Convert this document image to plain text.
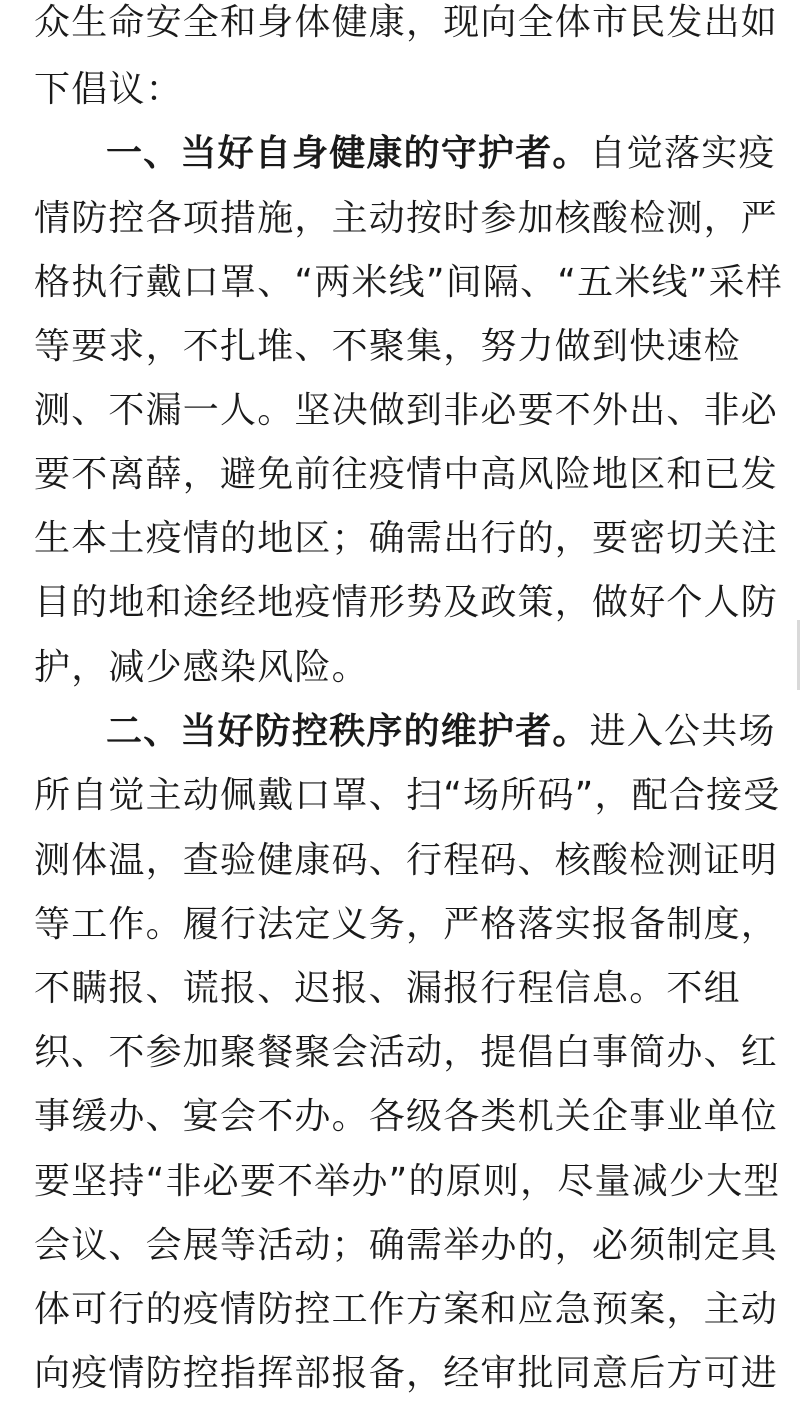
众生命安全和身体健康，现向全体市民发出如
下倡议：
一、当好自身健康的守护者。自觉落实疫
情防控各项措施，主动按时参加核酸检测，严
格执行戴口罩、“两米线”间隔、“五米线”采样
等要求，不扎堆、不聚集，努力做到快速检
测、不漏一人。坚决做到非必要不外出、非必
要不离薛，避免前往疫情中高风险地区和已发
生本土疫情的地区；确需出行的，要密切关注
目的地和途经地疫情形势及政策，做好个人防
护，减少感染风险。
二、当好防控秩序的维护者。进入公共场
所自觉主动佩戴口罩、扫“场所码”，配合接受
测体温，查验健康码、行程码、核酸检测证明
等工作。履行法定义务，严格落实报备制度，
不瞒报、谎报、迟报、漏报行程信息。不组
织、不参加聚餐聚会活动，提倡白事简办、红
事缓办、宴会不办。各级各类机关企事业单位
要坚持“非必要不举办”的原则，尽量减少大型
会议、会展等活动；确需举办的，必须制定具
体可行的疫情防控工作方案和应急预案，主动
向疫情防控指挥部报备，经审批同意后方可进
